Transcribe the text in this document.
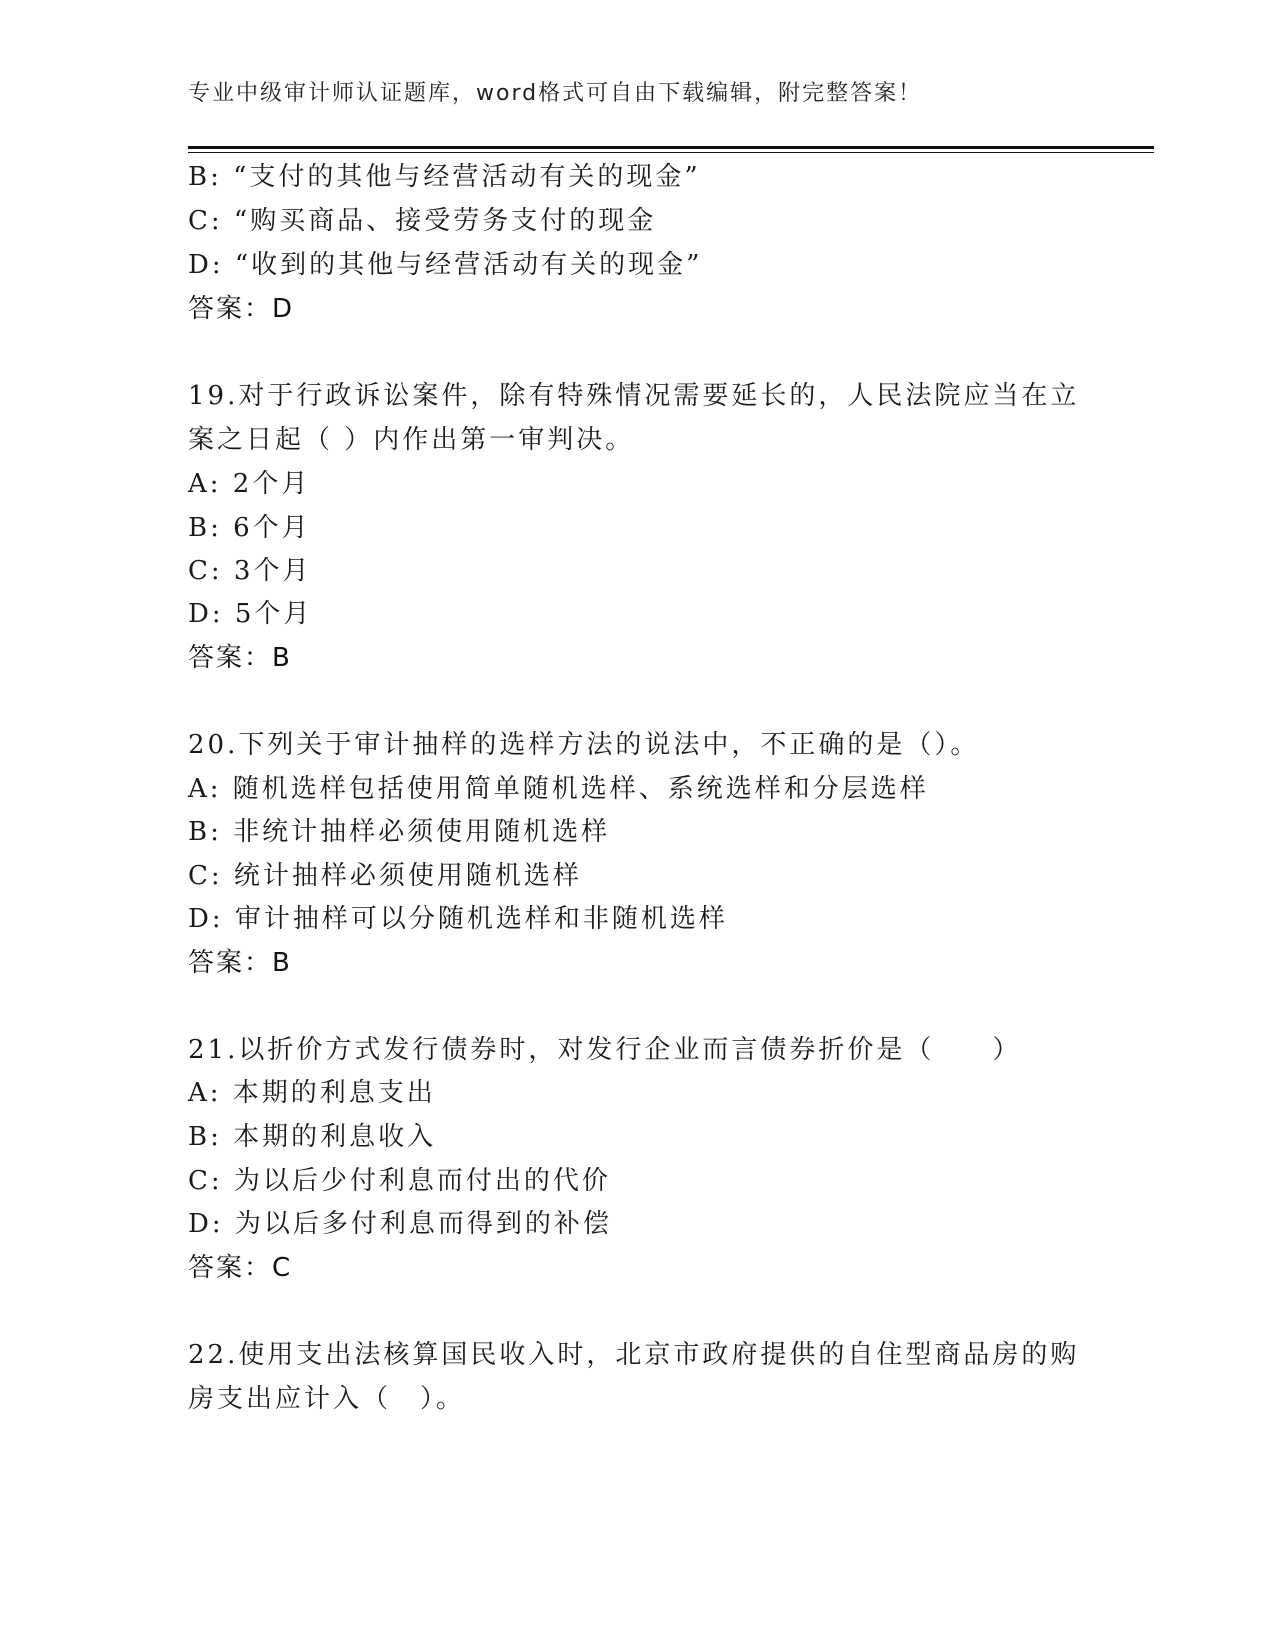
专业中级审计师认证题库，word格式可自由下载编辑，附完整答案！
B: “支付的其他与经营活动有关的现金”
C: “购买商品、接受劳务支付的现金
D: “收到的其他与经营活动有关的现金”
答案：D
19.对于行政诉讼案件，除有特殊情况需要延长的，人民法院应当在立
案之日起（ ）内作出第一审判决。
A: 2个月
B: 6个月
C: 3个月
D: 5个月
答案：B
20.下列关于审计抽样的选样方法的说法中，不正确的是（）。
A: 随机选样包括使用简单随机选样、系统选样和分层选样
B: 非统计抽样必须使用随机选样
C: 统计抽样必须使用随机选样
D: 审计抽样可以分随机选样和非随机选样
答案：B
21.以折价方式发行债券时，对发行企业而言债券折价是（　　）
A: 本期的利息支出
B: 本期的利息收入
C: 为以后少付利息而付出的代价
D: 为以后多付利息而得到的补偿
答案：C
22.使用支出法核算国民收入时，北京市政府提供的自住型商品房的购
房支出应计入（　）。
